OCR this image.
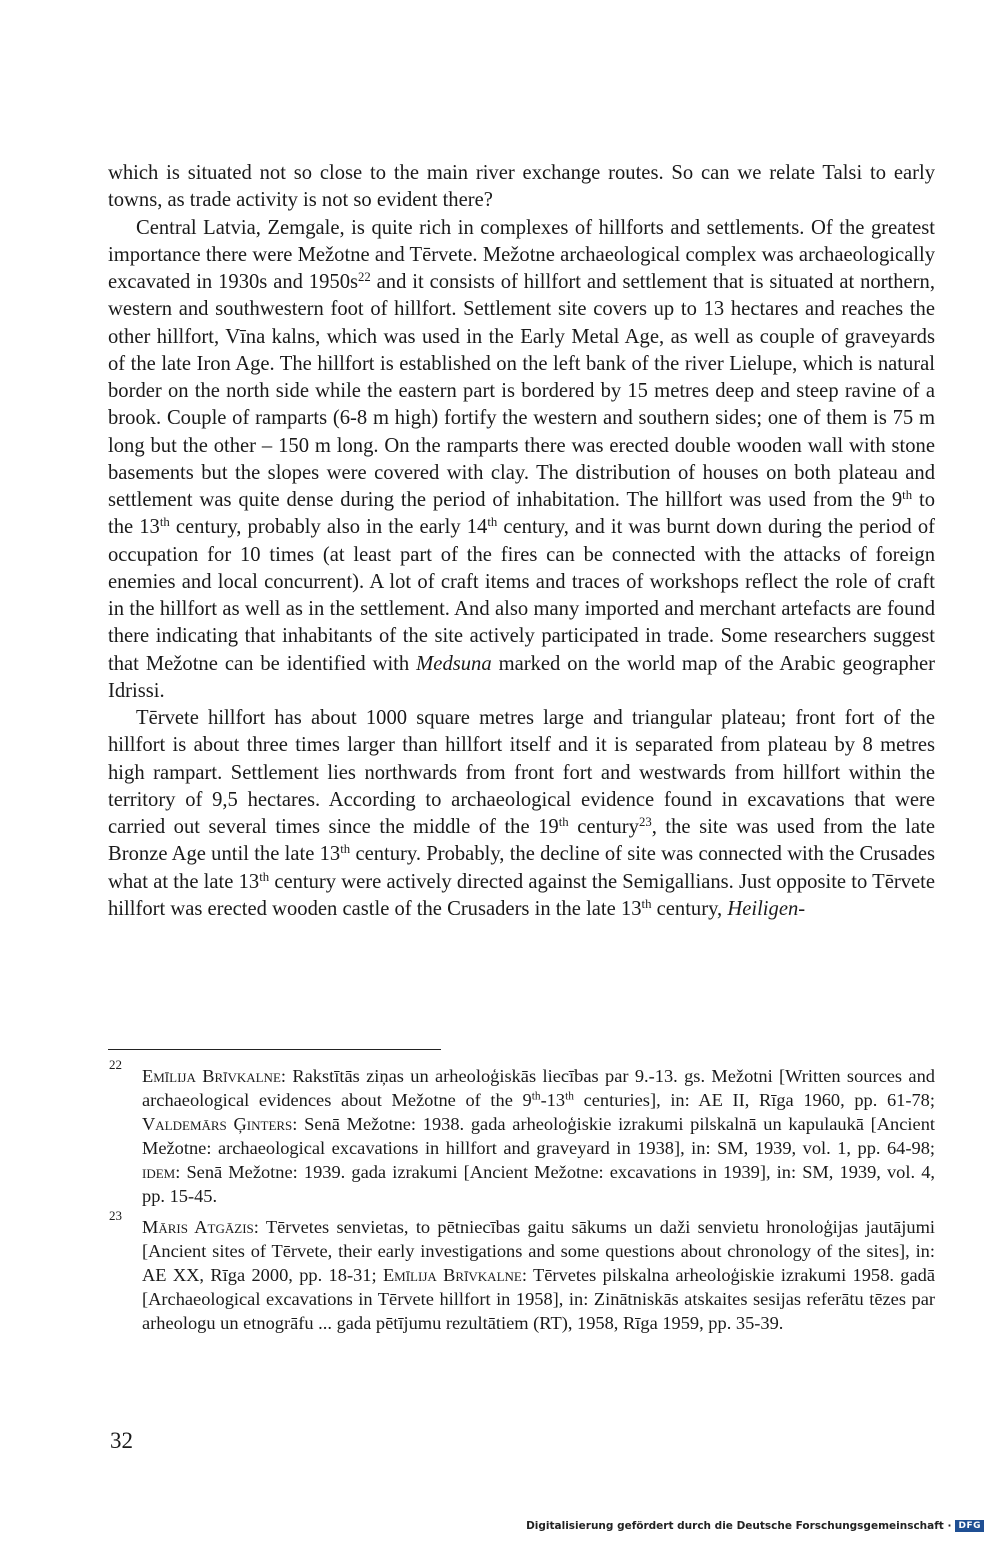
which is situated not so close to the main river exchange routes. So can we relate Talsi to early towns, as trade activity is not so evident there?

Central Latvia, Zemgale, is quite rich in complexes of hillforts and settlements. Of the greatest importance there were Mežotne and Tērvete. Mežotne archaeological complex was archaeologically excavated in 1930s and $1950s^{22}$ and it consists of hillfort and settlement that is situated at northern, western and southwestern foot of hillfort. Settlement site covers up to 13 hectares and reaches the other hillfort, Vīna kalns, which was used in the Early Metal Age, as well as couple of graveyards of the late Iron Age. The hillfort is established on the left bank of the river Lielupe, which is natural border on the north side while the eastern part is bordered by 15 metres deep and steep ravine of a brook. Couple of ramparts (6-8 m high) fortify the western and southern sides; one of them is 75 m long but the other – 150 m long. On the ramparts there was erected double wooden wall with stone basements but the slopes were covered with clay. The distribution of houses on both plateau and settlement was quite dense during the period of inhabitation. The hillfort was used from the 9th to the 13th century, probably also in the early 14th century, and it was burnt down during the period of occupation for 10 times (at least part of the fires can be connected with the attacks of foreign enemies and local concurrent). A lot of craft items and traces of workshops reflect the role of craft in the hillfort as well as in the settlement. And also many imported and merchant artefacts are found there indicating that inhabitants of the site actively participated in trade. Some researchers suggest that Mežotne can be identified with Medsuna marked on the world map of the Arabic geographer Idrissi.

Tērvete hillfort has about 1000 square metres large and triangular plateau; front fort of the hillfort is about three times larger than hillfort itself and it is separated from plateau by 8 metres high rampart. Settlement lies northwards from front fort and westwards from hillfort within the territory of 9,5 hectares. According to archaeological evidence found in excavations that were carried out several times since the middle of the 19th century$^{23}$, the site was used from the late Bronze Age until the late 13th century. Probably, the decline of site was connected with the Crusades what at the late 13th century were actively directed against the Semigallians. Just opposite to Tērvete hillfort was erected wooden castle of the Crusaders in the late 13th century, Heiligen-

22
Emīlija Brīvkalne: Rakstītās ziņas un arheoloģiskās liecības par 9.-13. gs. Mežotni [Written sources and archaeological evidences about Mežotne of the 9th-13th centuries], in: AE II, Rīga 1960, pp. 61-78; Valdemārs Ģinters: Senā Mežotne: 1938. gada arheoloģiskie izrakumi pilskalnā un kapulaukā [Ancient Mežotne: archaeological excavations in hillfort and graveyard in 1938], in: SM, 1939, vol. 1, pp. 64-98; idem: Senā Mežotne: 1939. gada izrakumi [Ancient Mežotne: excavations in 1939], in: SM, 1939, vol. 4, pp. 15-45.

23
Māris Atgāzis: Tērvetes senvietas, to pētniecības gaitu sākums un daži senvietu hronoloģijas jautājumi [Ancient sites of Tērvete, their early investigations and some questions about chronology of the sites], in: AE XX, Rīga 2000, pp. 18-31; Emīlija Brīvkalne: Tērvetes pilskalna arheoloģiskie izrakumi 1958. gadā [Archaeological excavations in Tērvete hillfort in 1958], in: Zinātniskās atskaites sesijas referātu tēzes par arheologu un etnogrāfu ... gada pētījumu rezultātiem (RT), 1958, Rīga 1959, pp. 35-39.

32
Digitalisierung gefördert durch die Deutsche Forschungsgemeinschaft · DFG
